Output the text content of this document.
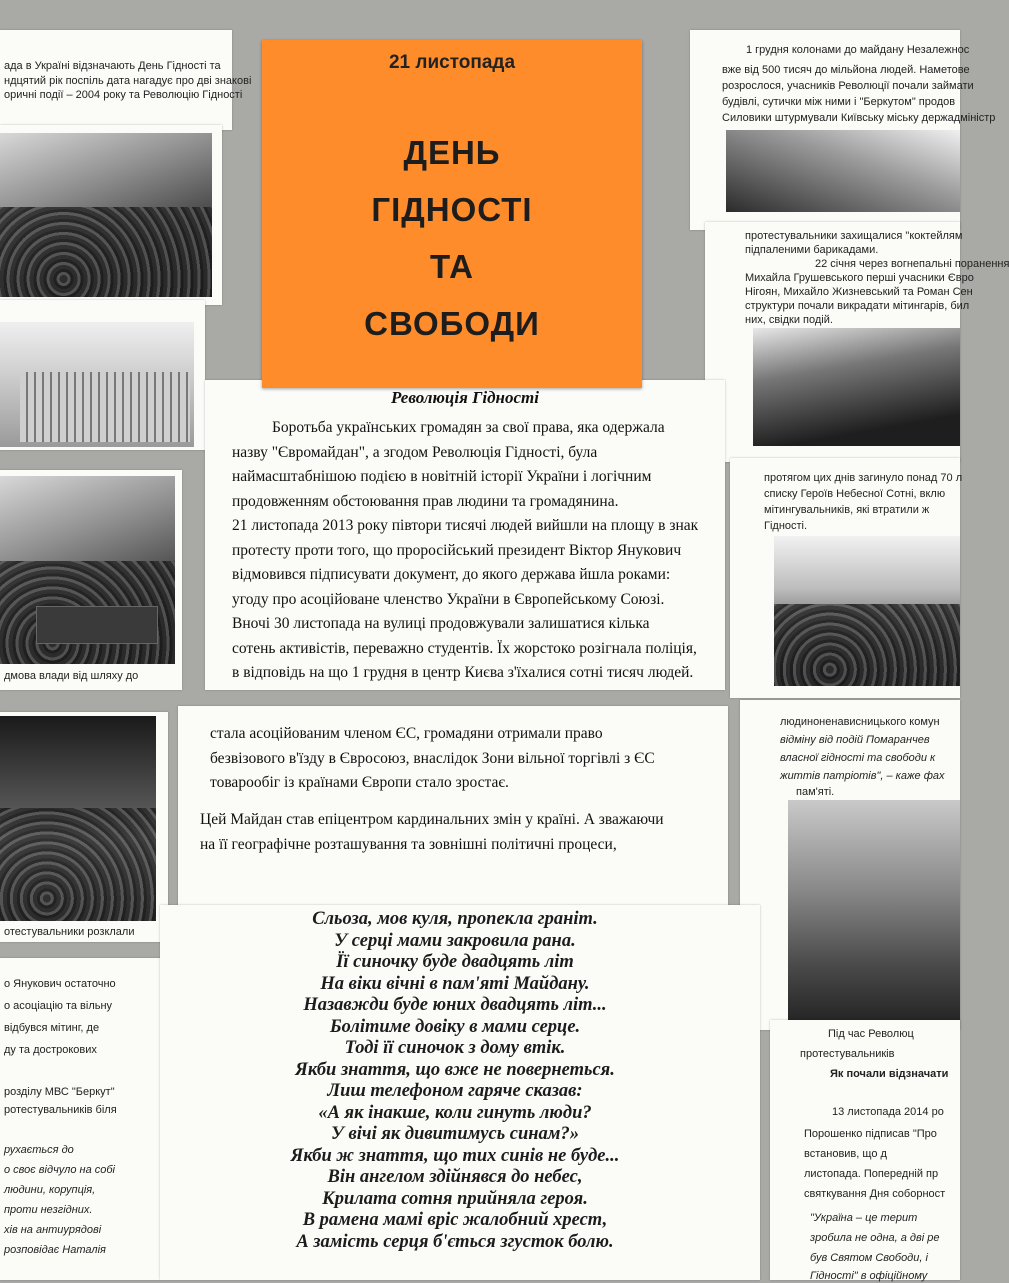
ада в Україні відзначають День Гідності та
ндцятий рік поспіль дата нагадує про дві знакові
оричні події – 2004 року та Революцію Гідності
дмова влади від шляху до
отестувальники розклали
о Янукович остаточно
о асоціацію та вільну
відбувся мітинг, де
ду та дострокових
розділу МВС "Беркут"
ротестувальників біля
рухається до
о своє відчуло на собі
людини, корупція,
проти незгідних.
хів на антиурядові
розповідає Наталія
1 грудня колонами до майдану Незалежнос
вже від 500 тисяч до мільйона людей. Наметове
розрослося, учасників Революції почали займати
будівлі, сутички між ними і "Беркутом" продов
Силовики штурмували Київську міську держадміністр
протестувальники захищалися "коктейлям
підпаленими барикадами.
22 січня через вогнепальні поранення
Михайла Грушевського перші учасники Євро
Нігоян, Михайло Жизневський та Роман Сен
структури почали викрадати мітингарів, бил
них, свідки подій.
протягом цих днів загинуло понад 70 л
списку Героїв Небесної Сотні, вклю
мітингувальників, які втратили ж
Гідності.
людиноненависницького комун
відміну від подій Помаранчев
власної гідності та свободи к
життів патріотів", – каже фах
пам'яті.
Під час Революц
протестувальників
Як почали відзначати
13 листопада 2014 ро
Порошенко підписав "Про
встановив, що д
листопада. Попередній пр
святкування Дня соборност
"Україна – це терит
зробила не одна, а дві ре
був Святом Свободи, і
Гідності" в офіційному
Революція Гідності
Боротьба українських громадян за свої права, яка одержала
назву "Євромайдан", а згодом Революція Гідності, була
наймасштабнішою подією в новітній історії України і логічним
продовженням обстоювання прав людини та громадянина.
21 листопада 2013 року півтори тисячі людей вийшли на площу в знак
протесту проти того, що проросійський президент Віктор Янукович
відмовився підписувати документ, до якого держава йшла роками:
угоду про асоційоване членство України в Європейському Союзі.
Вночі 30 листопада на вулиці продовжували залишатися кілька
сотень активістів, переважно студентів. Їх жорстоко розігнала поліція,
в відповідь на що 1 грудня в центр Києва з'їхалися сотні тисяч людей.
стала асоційованим членом ЄС, громадяни отримали право
безвізового в'їзду в Євросоюз, внаслідок Зони вільної торгівлі з ЄС
товарообіг із країнами Європи стало зростає.
Цей Майдан став епіцентром кардинальних змін у країні. А зважаючи
на її географічне розташування та зовнішні політичні процеси,
Сльоза, мов куля, пропекла граніт.
У серці мами закровила рана.
Її синочку буде двадцять літ
На віки вічні в пам'яті Майдану.
Назавжди буде юних двадцять літ...
Болітиме довіку в мами серце.
Тоді її синочок з дому втік.
Якби знаття, що вже не повернеться.
Лиш телефоном гаряче сказав:
«А як інакше, коли гинуть люди?
У вічі як дивитимусь синам?»
Якби ж знаття, що тих синів не буде...
Він ангелом здійнявся до небес,
Крилата сотня прийняла героя.
В рамена мамі вріс жалобний хрест,
А замість серця б'ється згусток болю.
21 листопада
ДЕНЬ
ГІДНОСТІ
ТА
СВОБОДИ
